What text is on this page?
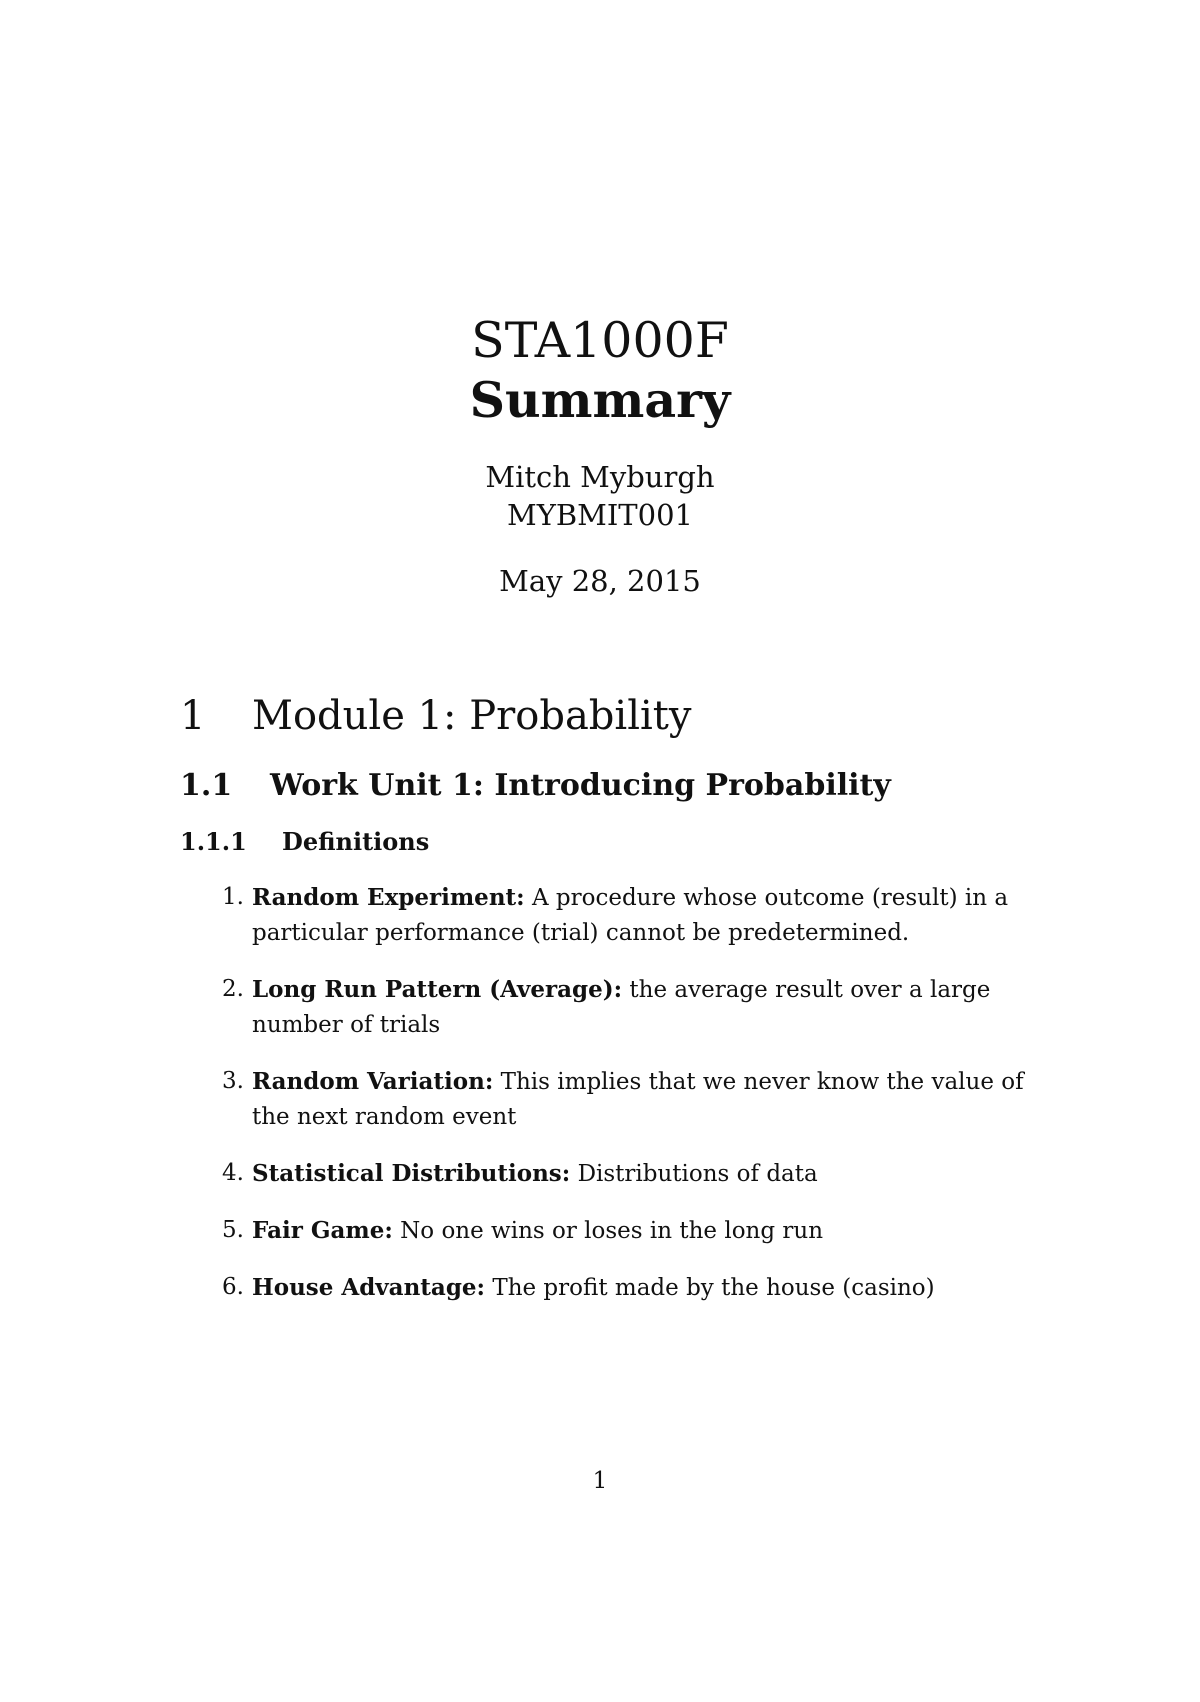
STA1000F
Summary
Mitch Myburgh
MYBMIT001
May 28, 2015
1 Module 1: Probability
1.1 Work Unit 1: Introducing Probability
1.1.1 Definitions
1. Random Experiment: A procedure whose outcome (result) in a particular performance (trial) cannot be predetermined.
2. Long Run Pattern (Average): the average result over a large number of trials
3. Random Variation: This implies that we never know the value of the next random event
4. Statistical Distributions: Distributions of data
5. Fair Game: No one wins or loses in the long run
6. House Advantage: The profit made by the house (casino)
1
